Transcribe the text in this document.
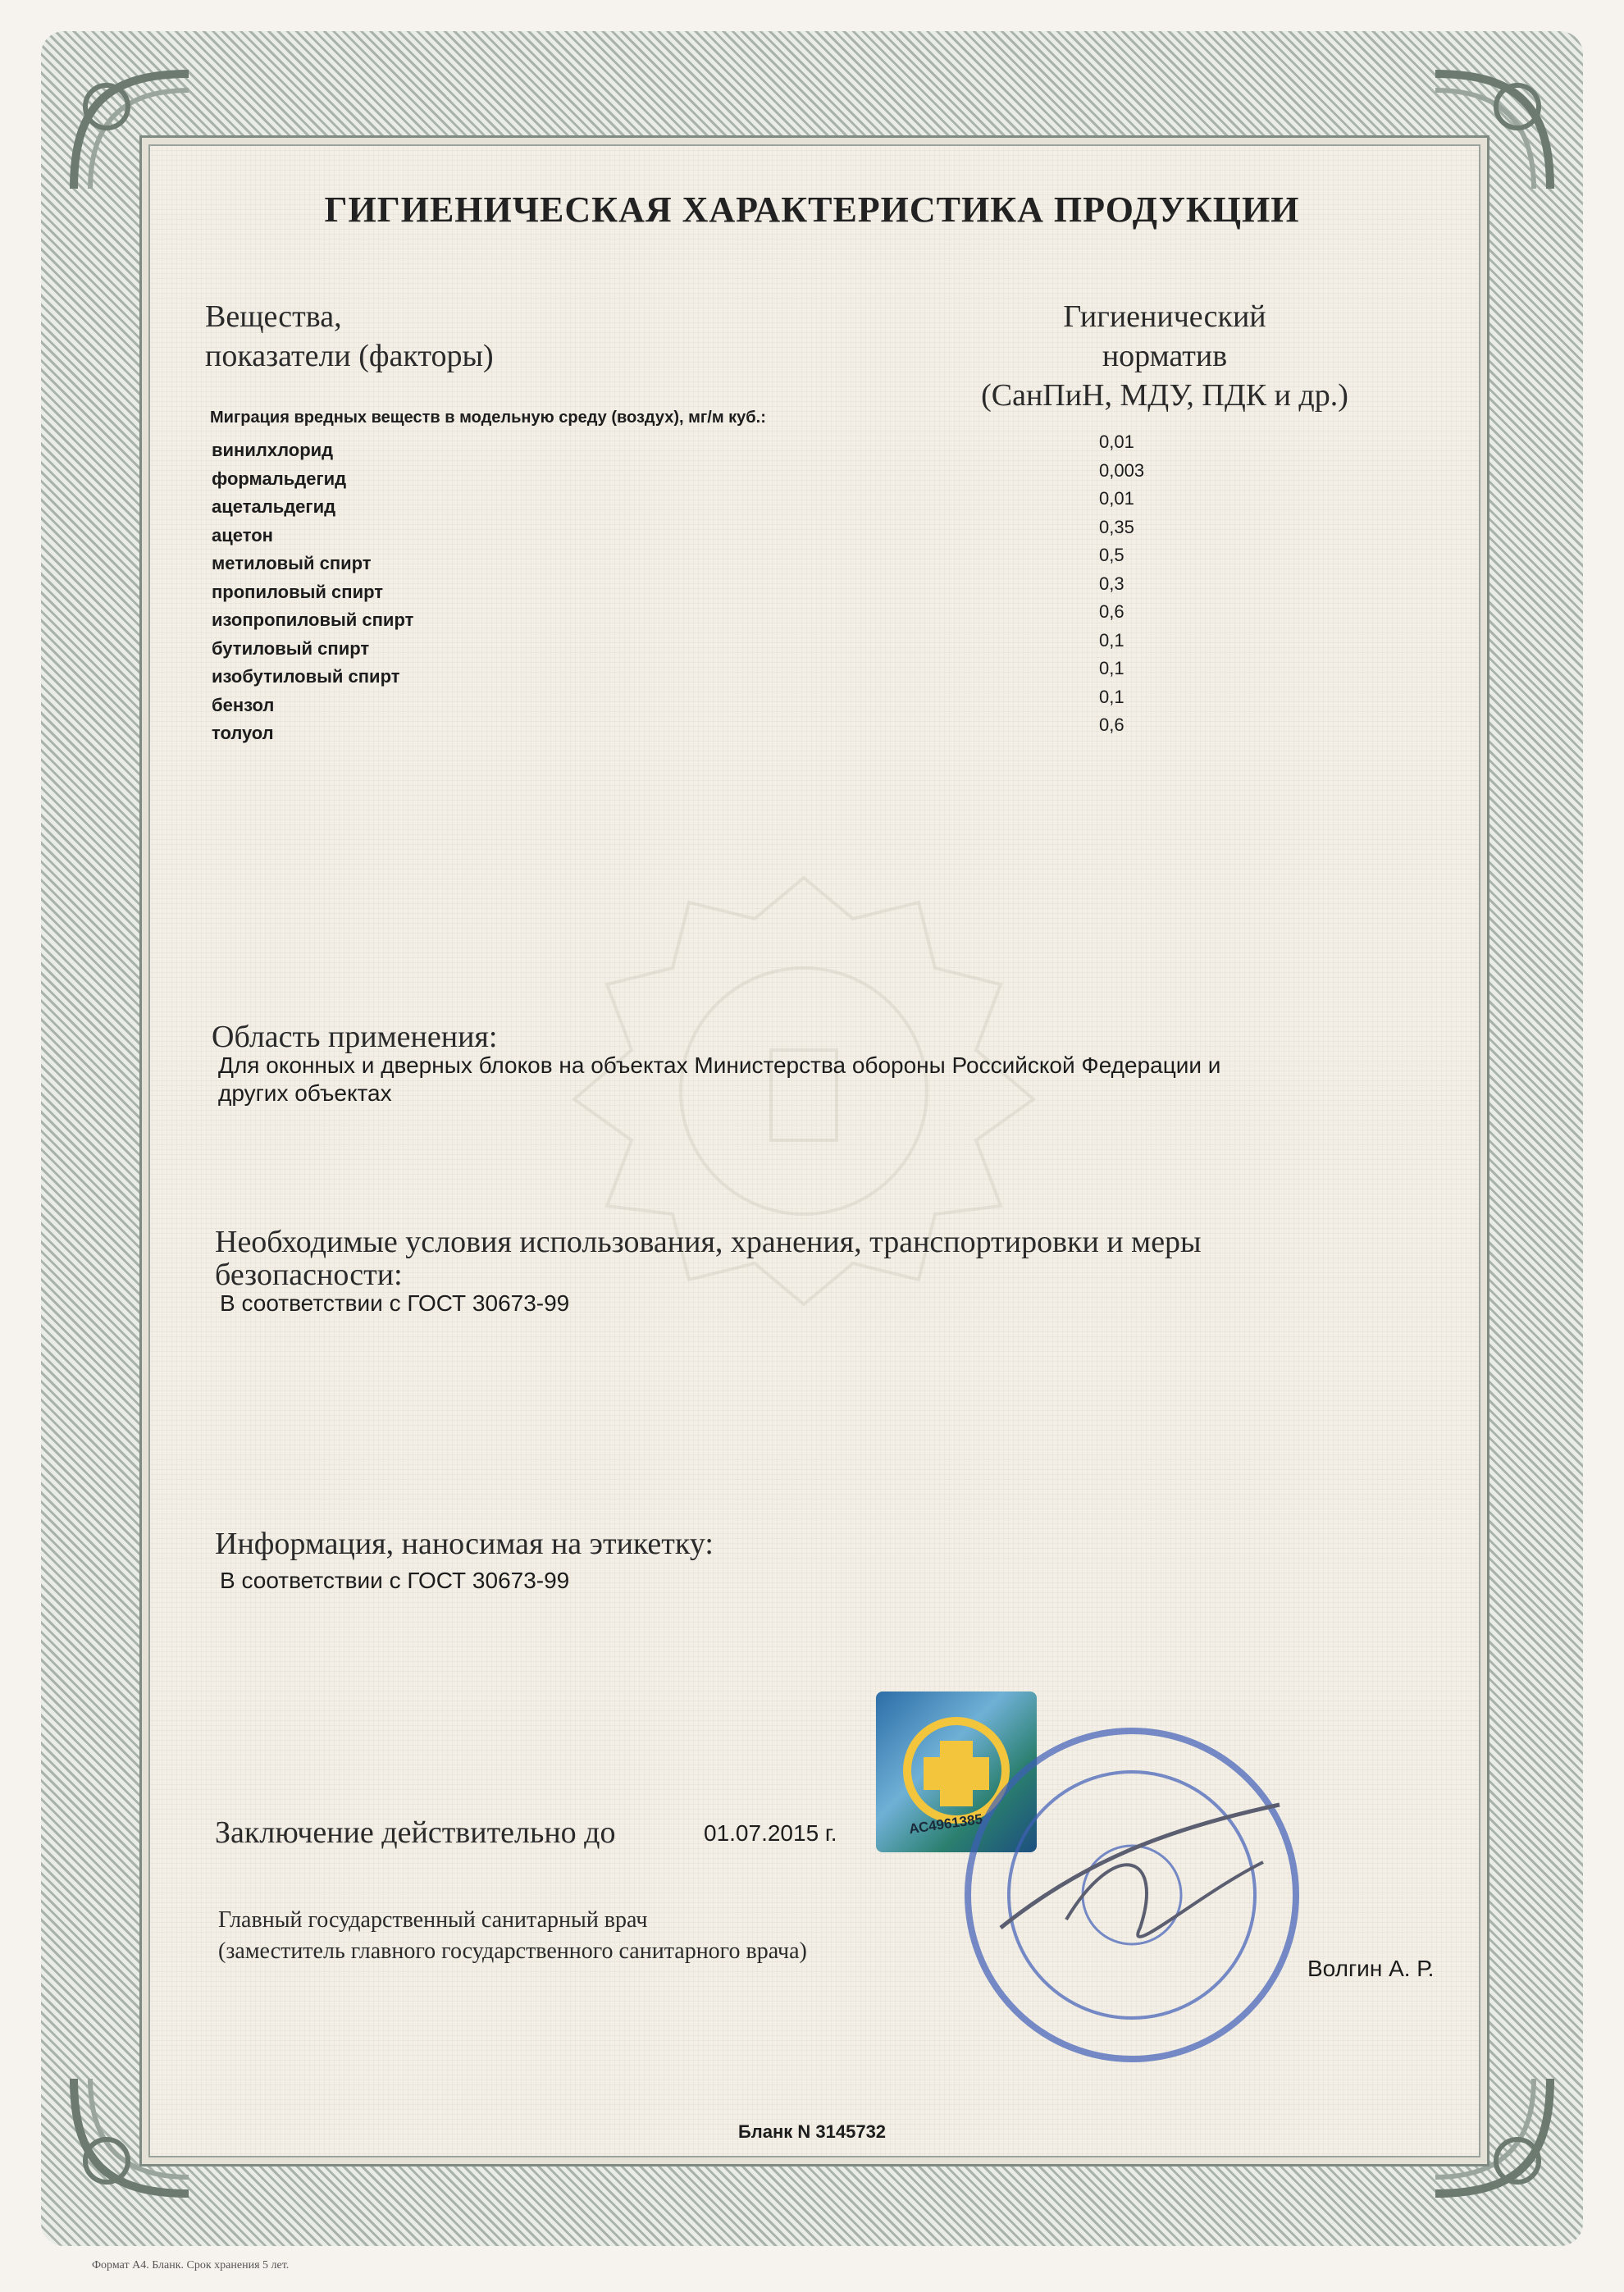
ГИГИЕНИЧЕСКАЯ ХАРАКТЕРИСТИКА ПРОДУКЦИИ
Вещества,
показатели (факторы)
Гигиенический
норматив
(СанПиН, МДУ, ПДК и др.)
Миграция вредных веществ в модельную среду (воздух), мг/м куб.:
винилхлорид
формальдегид
ацетальдегид
ацетон
метиловый спирт
пропиловый спирт
изопропиловый спирт
бутиловый спирт
изобутиловый спирт
бензол
толуол
0,01
0,003
0,01
0,35
0,5
0,3
0,6
0,1
0,1
0,1
0,6
Область применения:
Для оконных и дверных блоков на объектах Министерства обороны Российской Федерации и
других объектах
Необходимые условия использования, хранения, транспортировки и меры
безопасности:
В соответствии с ГОСТ 30673-99
Информация, наносимая на этикетку:
В соответствии с ГОСТ 30673-99
АС4961385
Заключение действительно до	01.07.2015 г.
Главный государственный санитарный врач
(заместитель главного государственного санитарного врача)
Волгин А. Р.
Бланк N 3145732
Формат А4. Бланк. Срок хранения 5 лет.
